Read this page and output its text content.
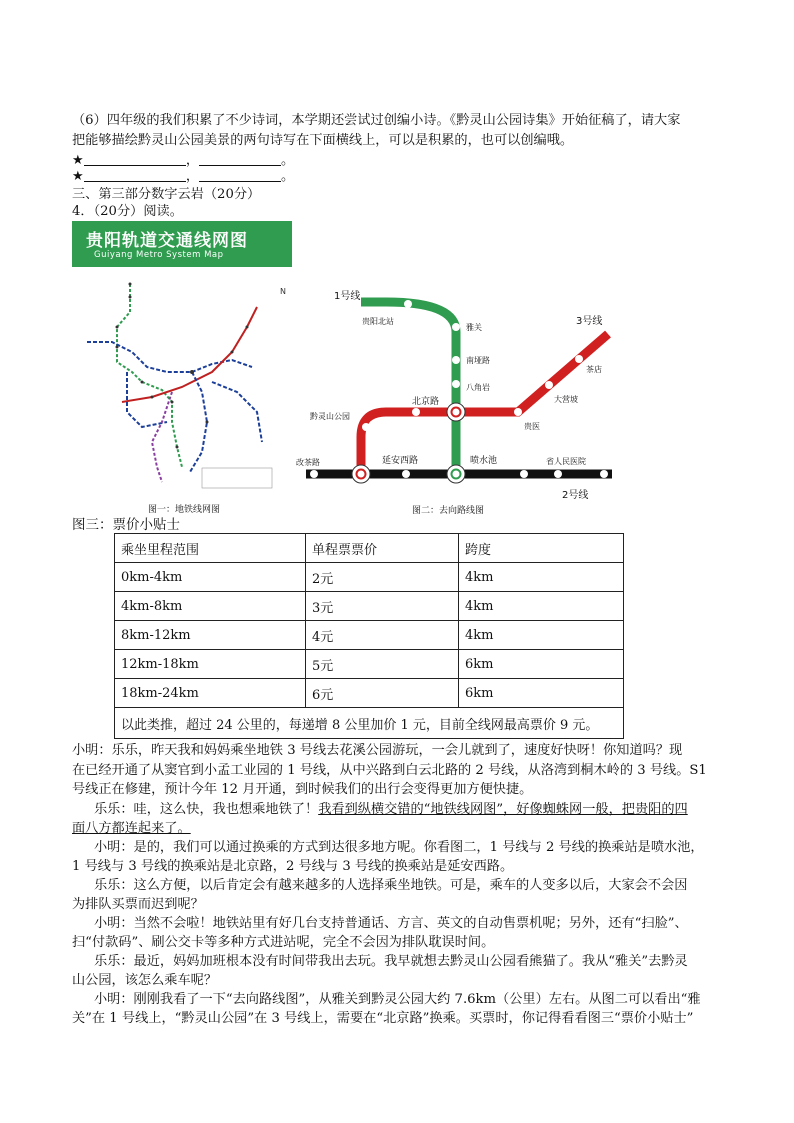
（6）四年级的我们积累了不少诗词，本学期还尝试过创编小诗。《黔灵山公园诗集》开始征稿了，请大家
把能够描绘黔灵山公园美景的两句诗写在下面横线上，可以是积累的，也可以创编哦。
★	，	。
★	，	。
三、第三部分数字云岩（20分）
4．（20分）阅读。
贵阳轨道交通线网图
Guiyang Metro System Map
N
图一：地铁线网图
1号线
3号线
2号线
贵阳北站
雅关
南垭路
八角岩
北京路
黔灵山公园
延安西路	喷水池
改茶路	省人民医院
贵医
大营坡
茶店
图二：去向路线图
图三：票价小贴士
乘坐里程范围	单程票票价	跨度
0km-4km	2元	4km
4km-8km	3元	4km
8km-12km	4元	4km
12km-18km	5元	6km
18km-24km	6元	6km
以此类推，超过 24 公里的，每递增 8 公里加价 1 元，目前全线网最高票价 9 元。		
小明：乐乐，昨天我和妈妈乘坐地铁 3 号线去花溪公园游玩，一会儿就到了，速度好快呀！你知道吗？现
在已经开通了从窦官到小孟工业园的 1 号线，从中兴路到白云北路的 2 号线，从洛湾到桐木岭的 3 号线。S1
号线正在修建，预计今年 12 月开通，到时候我们的出行会变得更加方便快捷。
乐乐：哇，这么快，我也想乘地铁了！我看到纵横交错的“地铁线网图”，好像蜘蛛网一般，把贵阳的四
面八方都连起来了。
小明：是的，我们可以通过换乘的方式到达很多地方呢。你看图二，1 号线与 2 号线的换乘站是喷水池，
1 号线与 3 号线的换乘站是北京路，2 号线与 3 号线的换乘站是延安西路。
乐乐：这么方便，以后肯定会有越来越多的人选择乘坐地铁。可是，乘车的人变多以后，大家会不会因
为排队买票而迟到呢？
小明：当然不会啦！地铁站里有好几台支持普通话、方言、英文的自动售票机呢；另外，还有“扫脸”、
扫“付款码”、刷公交卡等多种方式进站呢，完全不会因为排队耽误时间。
乐乐：最近，妈妈加班根本没有时间带我出去玩。我早就想去黔灵山公园看熊猫了。我从“雅关”去黔灵
山公园，该怎么乘车呢？
小明：刚刚我看了一下“去向路线图”，从雅关到黔灵公园大约 7.6km（公里）左右。从图二可以看出“雅
关”在 1 号线上，“黔灵山公园”在 3 号线上，需要在“北京路”换乘。买票时，你记得看看图三“票价小贴士”
